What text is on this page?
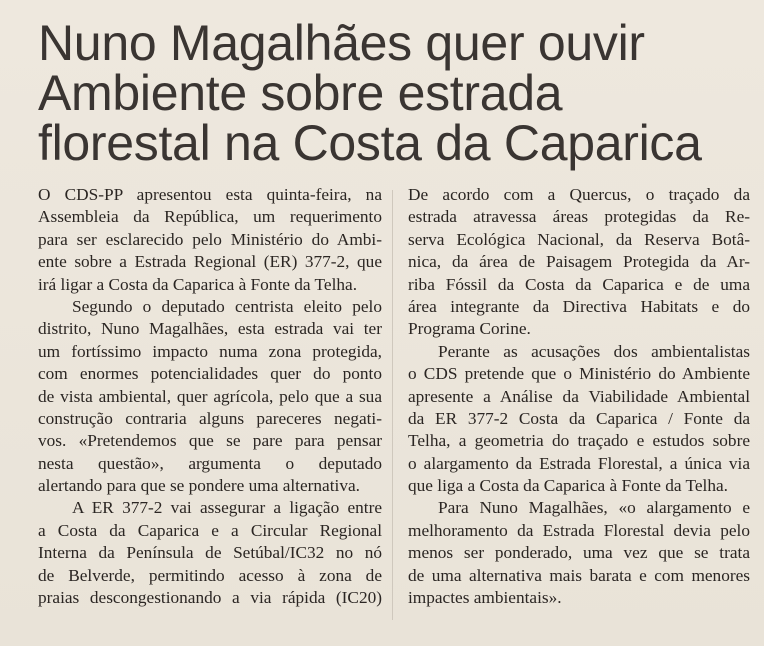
Nuno Magalhães quer ouvir
Ambiente sobre estrada
florestal na Costa da Caparica

O CDS-PP apresentou esta quinta-feira, na
Assembleia da República, um requerimento
para ser esclarecido pelo Ministério do Ambi-
ente sobre a Estrada Regional (ER) 377-2, que
irá ligar a Costa da Caparica à Fonte da Telha.

Segundo o deputado centrista eleito pelo
distrito, Nuno Magalhães, esta estrada vai ter
um fortíssimo impacto numa zona protegida,
com enormes potencialidades quer do ponto
de vista ambiental, quer agrícola, pelo que a sua
construção contraria alguns pareceres negati-
vos. «Pretendemos que se pare para pensar
nesta questão», argumenta o deputado
alertando para que se pondere uma alternativa.

A ER 377-2 vai assegurar a ligação entre
a Costa da Caparica e a Circular Regional
Interna da Península de Setúbal/IC32 no nó
de Belverde, permitindo acesso à zona de
praias descongestionando a via rápida (IC20)

De acordo com a Quercus, o traçado da
estrada atravessa áreas protegidas da Re-
serva Ecológica Nacional, da Reserva Botâ-
nica, da área de Paisagem Protegida da Ar-
riba Fóssil da Costa da Caparica e de uma
área integrante da Directiva Habitats e do
Programa Corine.

Perante as acusações dos ambientalistas
o CDS pretende que o Ministério do Ambiente
apresente a Análise da Viabilidade Ambiental
da ER 377-2 Costa da Caparica / Fonte da
Telha, a geometria do traçado e estudos sobre
o alargamento da Estrada Florestal, a única via
que liga a Costa da Caparica à Fonte da Telha.

Para Nuno Magalhães, «o alargamento e
melhoramento da Estrada Florestal devia pelo
menos ser ponderado, uma vez que se trata
de uma alternativa mais barata e com menores
impactes ambientais».
